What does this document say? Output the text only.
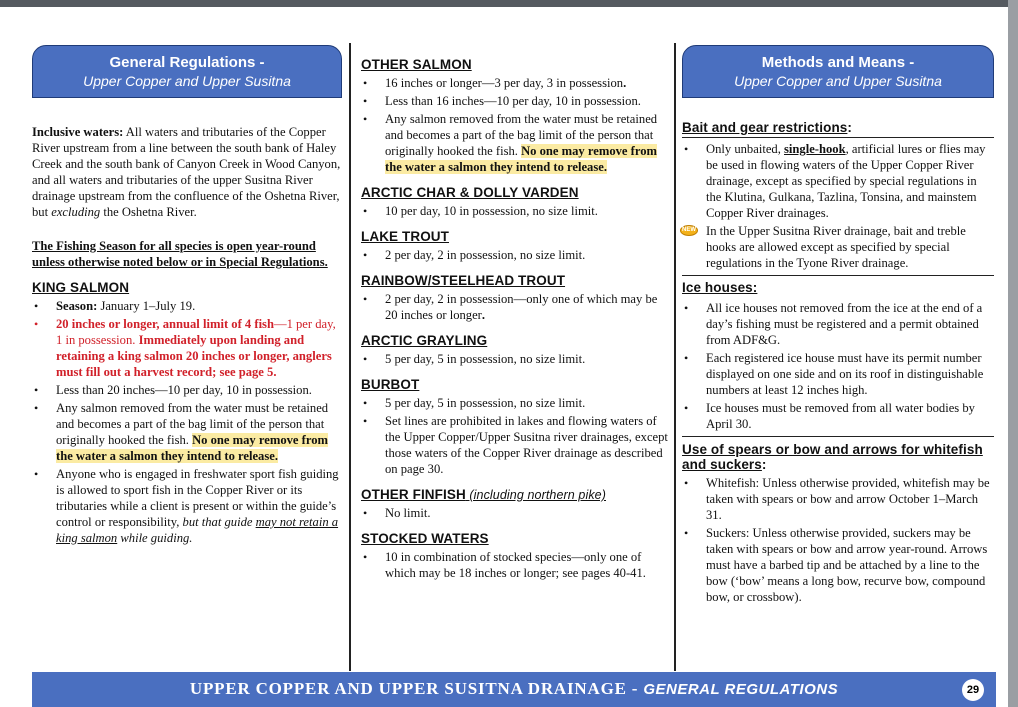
General Regulations -
Upper Copper and Upper Susitna

Inclusive waters: All waters and tributaries of the Copper River upstream from a line between the south bank of Haley Creek and the south bank of Canyon Creek in Wood Canyon, and all waters and tributaries of the upper Susitna River drainage upstream from the confluence of the Oshetna River, but excluding the Oshetna River.

The Fishing Season for all species is open year-round unless otherwise noted below or in Special Regulations.

KING SALMON
• Season: January 1–July 19.
• 20 inches or longer, annual limit of 4 fish—1 per day, 1 in possession. Immediately upon landing and retaining a king salmon 20 inches or longer, anglers must fill out a harvest record; see page 5.
• Less than 20 inches—10 per day, 10 in possession.
• Any salmon removed from the water must be retained and becomes a part of the bag limit of the person that originally hooked the fish. No one may remove from the water a salmon they intend to release.
• Anyone who is engaged in freshwater sport fish guiding is allowed to sport fish in the Copper River or its tributaries while a client is present or within the guide’s control or responsibility, but that guide may not retain a king salmon while guiding.
OTHER SALMON
• 16 inches or longer—3 per day, 3 in possession.
• Less than 16 inches—10 per day, 10 in possession.
• Any salmon removed from the water must be retained and becomes a part of the bag limit of the person that originally hooked the fish. No one may remove from the water a salmon they intend to release.
ARCTIC CHAR & DOLLY VARDEN
• 10 per day, 10 in possession, no size limit.
LAKE TROUT
• 2 per day, 2 in possession, no size limit.
RAINBOW/STEELHEAD TROUT
• 2 per day, 2 in possession—only one of which may be 20 inches or longer.
ARCTIC GRAYLING
• 5 per day, 5 in possession, no size limit.
BURBOT
• 5 per day, 5 in possession, no size limit.
• Set lines are prohibited in lakes and flowing waters of the Upper Copper/Upper Susitna river drainages, except those waters of the Copper River drainage as described on page 30.
OTHER FINFISH (including northern pike)
• No limit.
STOCKED WATERS
• 10 in combination of stocked species—only one of which may be 18 inches or longer; see pages 40-41.
Methods and Means -
Upper Copper and Upper Susitna
Bait and gear restrictions:
• Only unbaited, single-hook, artificial lures or flies may be used in flowing waters of the Upper Copper River drainage, except as specified by special regulations in the Klutina, Gulkana, Tazlina, Tonsina, and mainstem Copper River drainages.
NEW In the Upper Susitna River drainage, bait and treble hooks are allowed except as specified by special regulations in the Tyone River drainage.
Ice houses:
• All ice houses not removed from the ice at the end of a day’s fishing must be registered and a permit obtained from ADF&G.
• Each registered ice house must have its permit number displayed on one side and on its roof in distinguishable numbers at least 12 inches high.
• Ice houses must be removed from all water bodies by April 30.
Use of spears or bow and arrows for whitefish and suckers:
• Whitefish: Unless otherwise provided, whitefish may be taken with spears or bow and arrow October 1–March 31.
• Suckers: Unless otherwise provided, suckers may be taken with spears or bow and arrow year-round. Arrows must have a barbed tip and be attached by a line to the bow (‘bow’ means a long bow, recurve bow, compound bow, or crossbow).
UPPER COPPER AND UPPER SUSITNA DRAINAGE - GENERAL REGULATIONS	29
